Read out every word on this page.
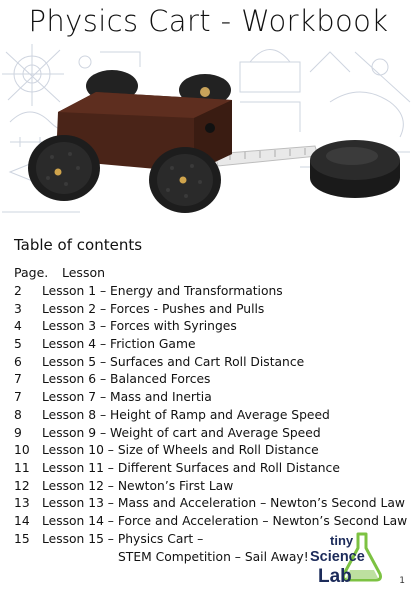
Physics Cart - Workbook
Table of contents
Page. Lesson
2 Lesson 1 – Energy and Transformations
3 Lesson 2 – Forces - Pushes and Pulls
4 Lesson 3 – Forces with Syringes
5 Lesson 4 – Friction Game
6 Lesson 5 – Surfaces and Cart Roll Distance
7 Lesson 6 – Balanced Forces
7 Lesson 7 – Mass and Inertia
8 Lesson 8 – Height of Ramp and Average Speed
9 Lesson 9 – Weight of cart and Average Speed
10 Lesson 10 – Size of Wheels and Roll Distance
11 Lesson 11 – Different Surfaces and Roll Distance
12 Lesson 12 – Newton’s First Law
13 Lesson 13 – Mass and Acceleration – Newton’s Second Law
14 Lesson 14 – Force and Acceleration – Newton’s Second Law
15 Lesson 15 – Physics Cart –
STEM Competition – Sail Away!
tiny
Science
Lab	1
